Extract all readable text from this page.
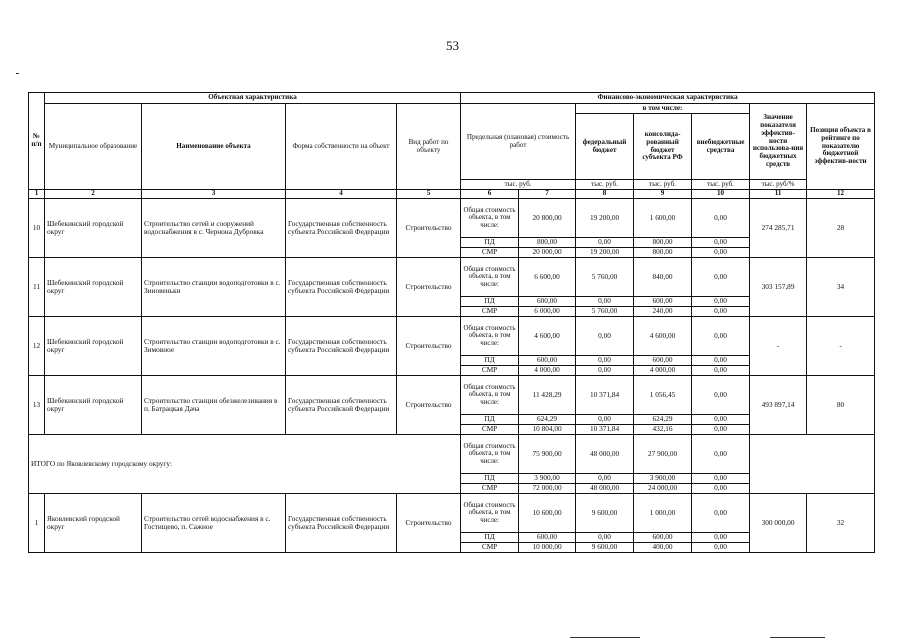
53
№ п/п	Объектная характеристика				Финансово-экономическая характеристика						
	Муниципальное образование	Наименование объекта	Форма собственности на объект	Вид работ по объекту	Предельная (плановая) стоимость работ		в том числе:			Значение показателя эффектив-ности использова-ния бюджетных средств	Позиция объекта в рейтинге по показателю бюджетной эффектив-ности
							федеральный бюджет	консолида-рованный бюджет субъекта РФ	внебюджетные средства		
					тыс. руб.		тыс. руб.	тыс. руб.	тыс. руб.	тыс. руб/%	
1	2	3	4	5	6	7	8	9	10	11	12
10	Шебекинский городской округ	Строительство сетей и сооружений водоснабжения в с. Чернона Дубровка	Государственная собственность субъекта Российской Федерации	Строительство	Общая стоимость объекта, в том числе:	20 800,00	19 200,00	1 600,00	0,00	274 285,71	28
					ПД	800,00	0,00	800,00	0,00		
					СМР	20 000,00	19 200,00	800,00	0,00		
11	Шебекинский городской округ	Строительство станции водоподготовки в с. Зиновеньки	Государственная собственность субъекта Российской Федерации	Строительство	Общая стоимость объекта, в том числе:	6 600,00	5 760,00	840,00	0,00	303 157,89	34
					ПД	600,00	0,00	600,00	0,00		
					СМР	6 000,00	5 760,00	240,00	0,00		
12	Шебекинский городской округ	Строительство станции водоподготовки в с. Зимовное	Государственная собственность субъекта Российской Федерации	Строительство	Общая стоимость объекта, в том числе:	4 600,00	0,00	4 600,00	0,00	-	-
					ПД	600,00	0,00	600,00	0,00		
					СМР	4 000,00	0,00	4 000,00	0,00		
13	Шебекинский городской округ	Строительство станции обезжелезивания в п. Батрацкая Дача	Государственная собственность субъекта Российской Федерации	Строительство	Общая стоимость объекта, в том числе:	11 428,29	10 371,84	1 056,45	0,00	493 897,14	80
					ПД	624,29	0,00	624,29	0,00		
					СМР	10 804,00	10 371,84	432,16	0,00		
ИТОГО по Яковлевскому городскому округу:					Общая стоимость объекта, в том числе:	75 900,00	48 000,00	27 900,00	0,00		
					ПД	3 900,00	0,00	3 900,00	0,00		
					СМР	72 000,00	48 000,00	24 000,00	0,00		
1	Яковлевский городской округ	Строительство сетей водоснабжения в с. Гостищево, п. Сажное	Государственная собственность субъекта Российской Федерации	Строительство	Общая стоимость объекта, в том числе:	10 600,00	9 600,00	1 000,00	0,00	300 000,00	32
					ПД	600,00	0,00	600,00	0,00		
					СМР	10 000,00	9 600,00	400,00	0,00		
